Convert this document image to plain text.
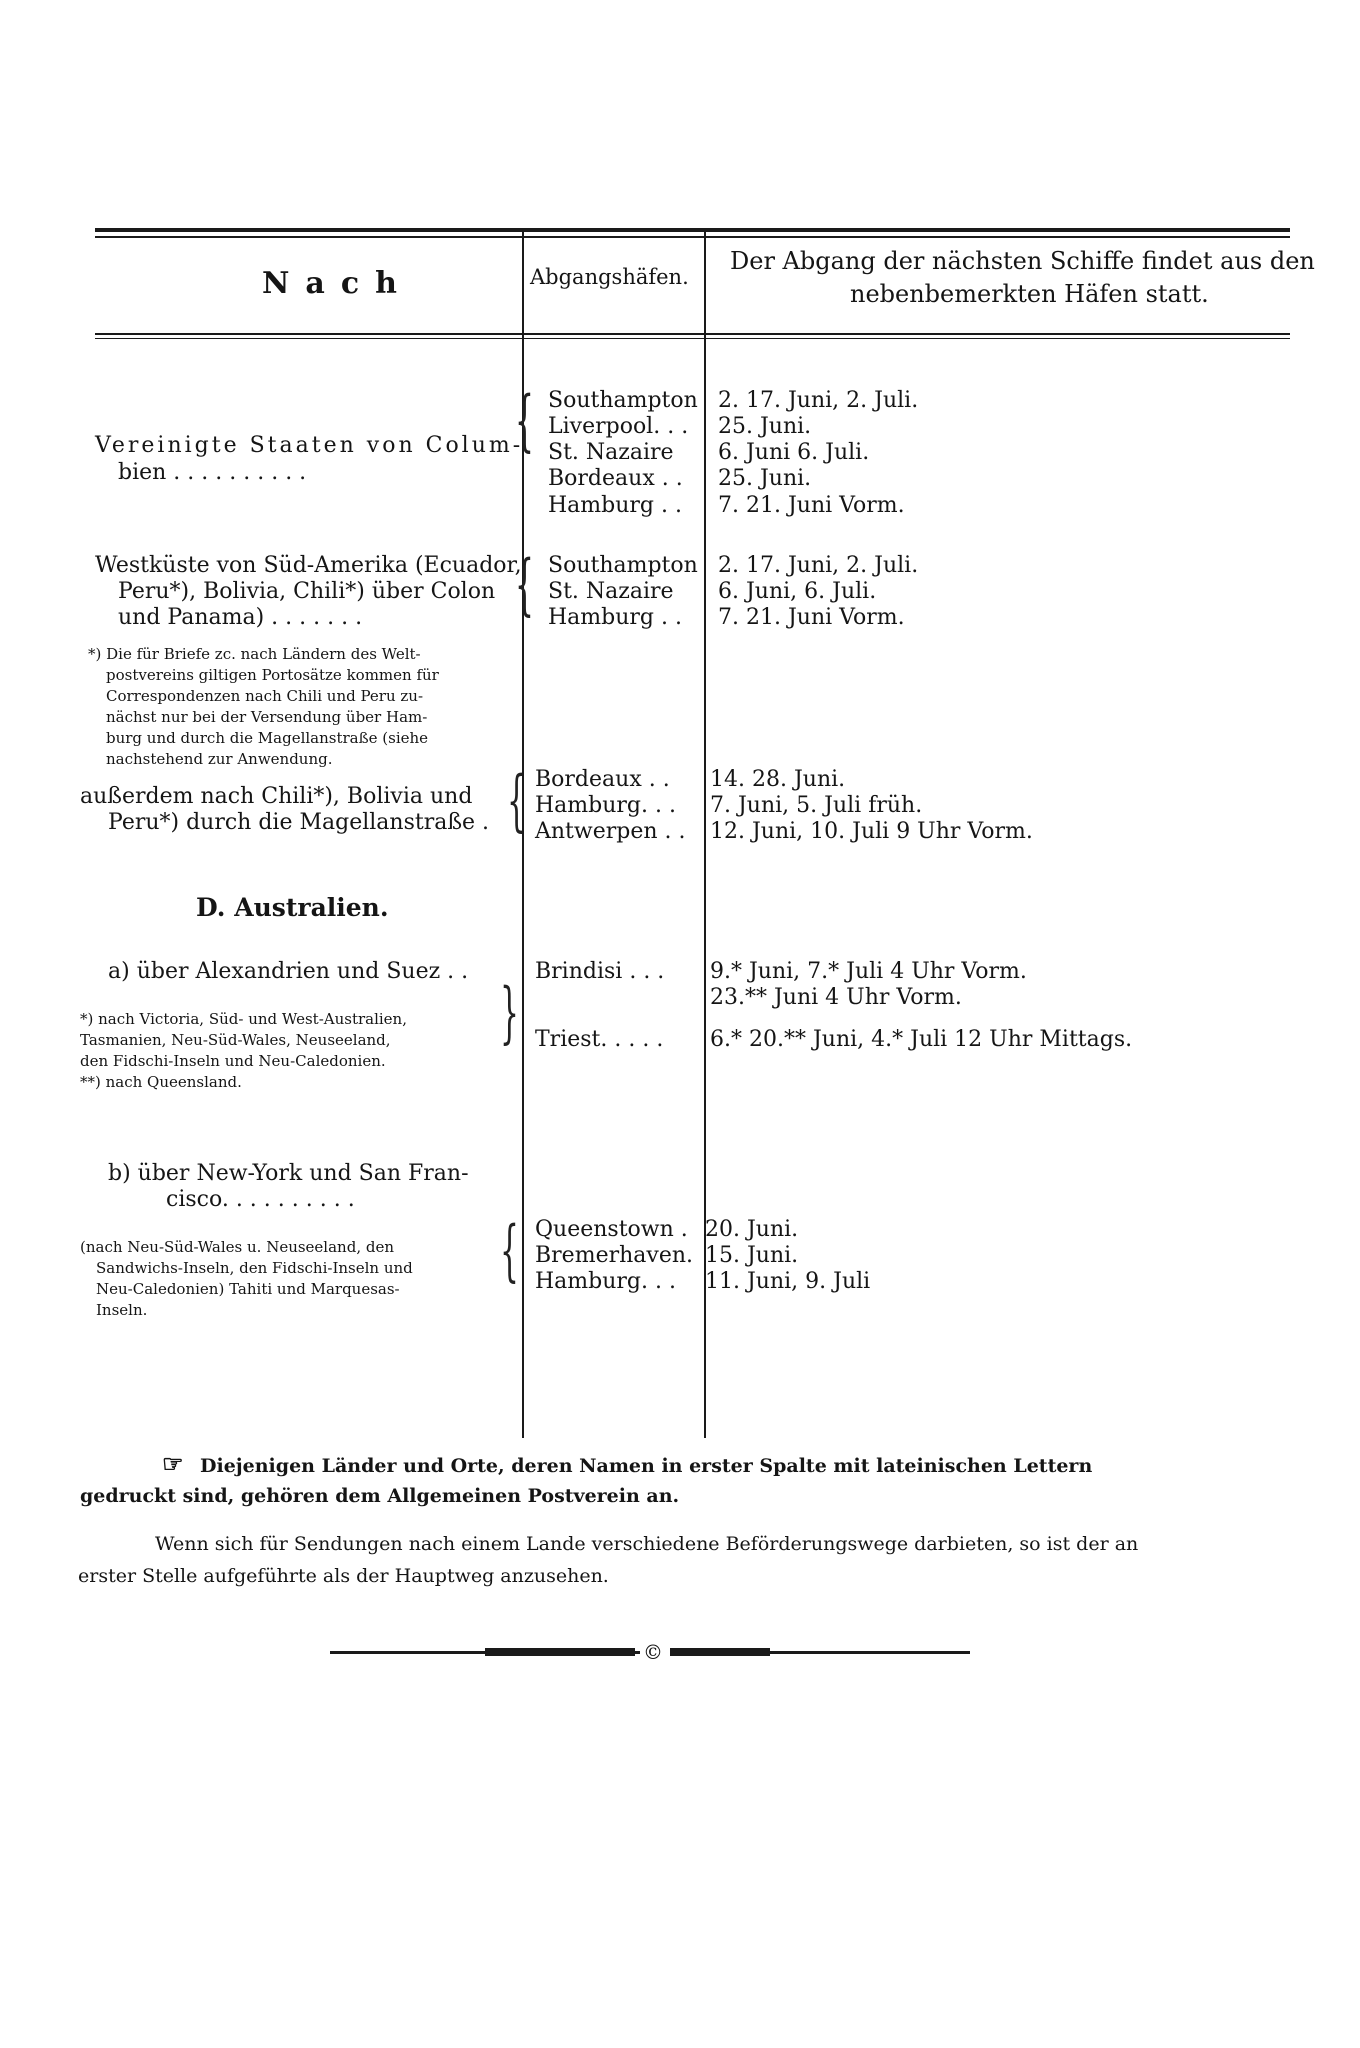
Nach	Abgangshäfen.
Der Abgang der nächsten Schiffe findet aus den
nebenbemerkten Häfen statt.
Vereinigte Staaten von Colum-
bien . . . . . . . . . .
{ Southampton
Liverpool. . .
St. Nazaire
Bordeaux . .
Hamburg . .
2. 17. Juni, 2. Juli.
25. Juni.
6. Juni 6. Juli.
25. Juni.
7. 21. Juni Vorm.
Westküste von Süd-Amerika (Ecuador,
Peru*), Bolivia, Chili*) über Colon
und Panama) . . . . . . . { Southampton
St. Nazaire
Hamburg . .
2. 17. Juni, 2. Juli.
6. Juni, 6. Juli.
7. 21. Juni Vorm.
*) Die für Briefe zc. nach Ländern des Welt-
postvereins giltigen Portosätze kommen für
Correspondenzen nach Chili und Peru zu-
nächst nur bei der Versendung über Ham-
burg und durch die Magellanstraße (siehe
nachstehend zur Anwendung.
außerdem nach Chili*), Bolivia und
Peru*) durch die Magellanstraße . { Bordeaux . .
Hamburg. . .
Antwerpen . .
14. 28. Juni.
7. Juni, 5. Juli früh.
12. Juni, 10. Juli 9 Uhr Vorm.
D. Australien.
a) über Alexandrien und Suez . .	Brindisi . . . 9.* Juni, 7.* Juli 4 Uhr Vorm.
23.** Juni 4 Uhr Vorm.
*) nach Victoria, Süd- und West-Australien,
Tasmanien, Neu-Süd-Wales, Neuseeland,
den Fidschi-Inseln und Neu-Caledonien.
**) nach Queensland.
} Triest. . . . . 6.* 20.** Juni, 4.* Juli 12 Uhr Mittags.
b) über New-York und San Fran-
cisco. . . . . . . . . .
(nach Neu-Süd-Wales u. Neuseeland, den
Sandwichs-Inseln, den Fidschi-Inseln und
Neu-Caledonien) Tahiti und Marquesas-
Inseln.
{ Queenstown .
Bremerhaven.
Hamburg. . .
20. Juni.
15. Juni.
11. Juni, 9. Juli
☞ Diejenigen Länder und Orte, deren Namen in erster Spalte mit lateinischen Lettern
gedruckt sind, gehören dem Allgemeinen Postverein an.
Wenn sich für Sendungen nach einem Lande verschiedene Beförderungswege darbieten, so ist der an
erster Stelle aufgeführte als der Hauptweg anzusehen.
©
